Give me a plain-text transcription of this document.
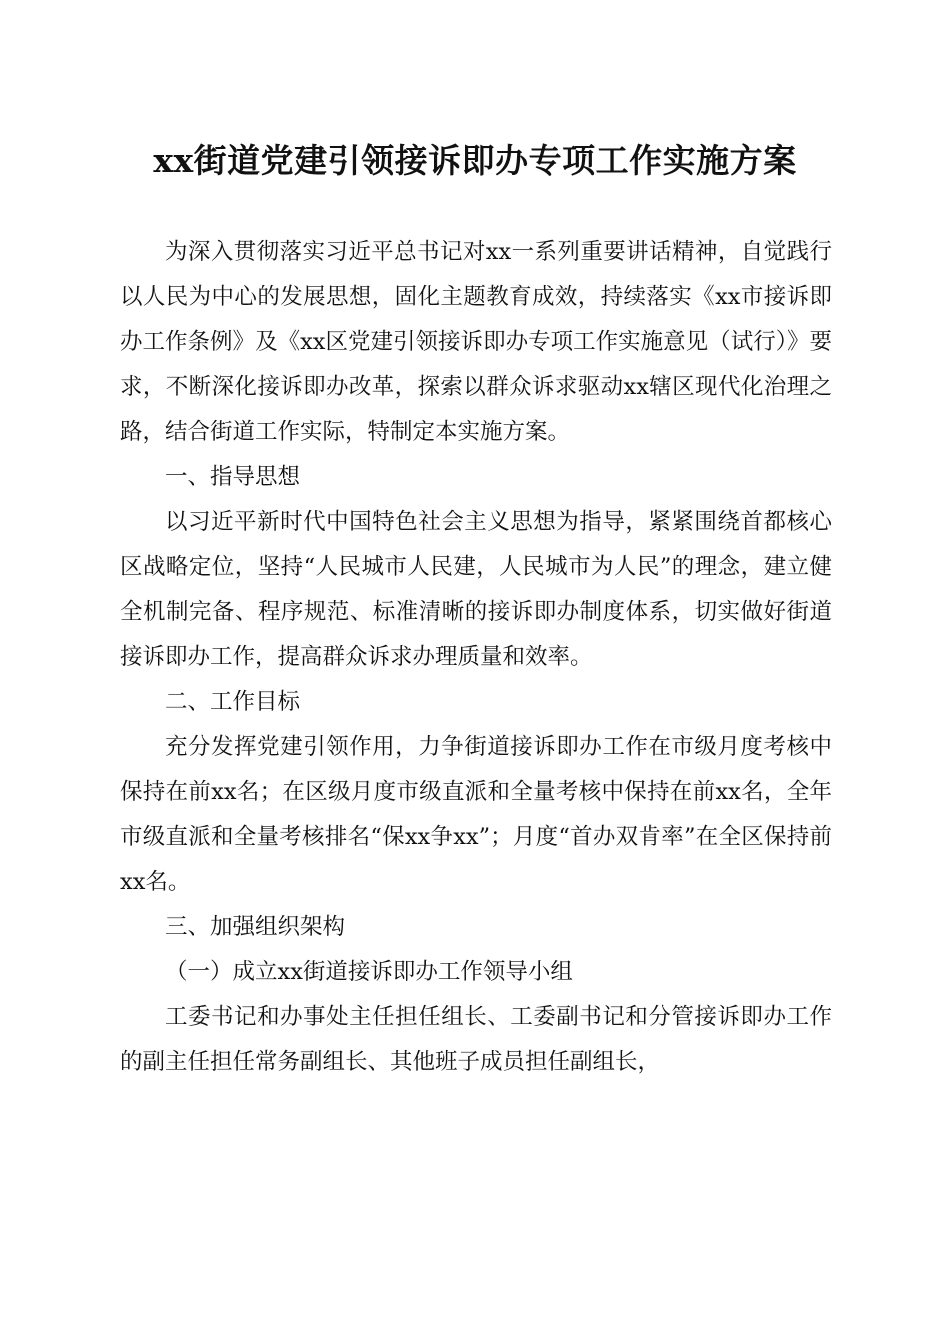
xx街道党建引领接诉即办专项工作实施方案

为深入贯彻落实习近平总书记对xx一系列重要讲话精神，自觉践行以人民为中心的发展思想，固化主题教育成效，持续落实《xx市接诉即办工作条例》及《xx区党建引领接诉即办专项工作实施意见（试行）》要求，不断深化接诉即办改革，探索以群众诉求驱动xx辖区现代化治理之路，结合街道工作实际，特制定本实施方案。

一、指导思想

以习近平新时代中国特色社会主义思想为指导，紧紧围绕首都核心区战略定位，坚持“人民城市人民建，人民城市为人民”的理念，建立健全机制完备、程序规范、标准清晰的接诉即办制度体系，切实做好街道接诉即办工作，提高群众诉求办理质量和效率。

二、工作目标

充分发挥党建引领作用，力争街道接诉即办工作在市级月度考核中保持在前xx名；在区级月度市级直派和全量考核中保持在前xx名，全年市级直派和全量考核排名“保xx争xx”；月度“首办双肯率”在全区保持前xx名。

三、加强组织架构

（一）成立xx街道接诉即办工作领导小组

工委书记和办事处主任担任组长、工委副书记和分管接诉即办工作的副主任担任常务副组长、其他班子成员担任副组长，
